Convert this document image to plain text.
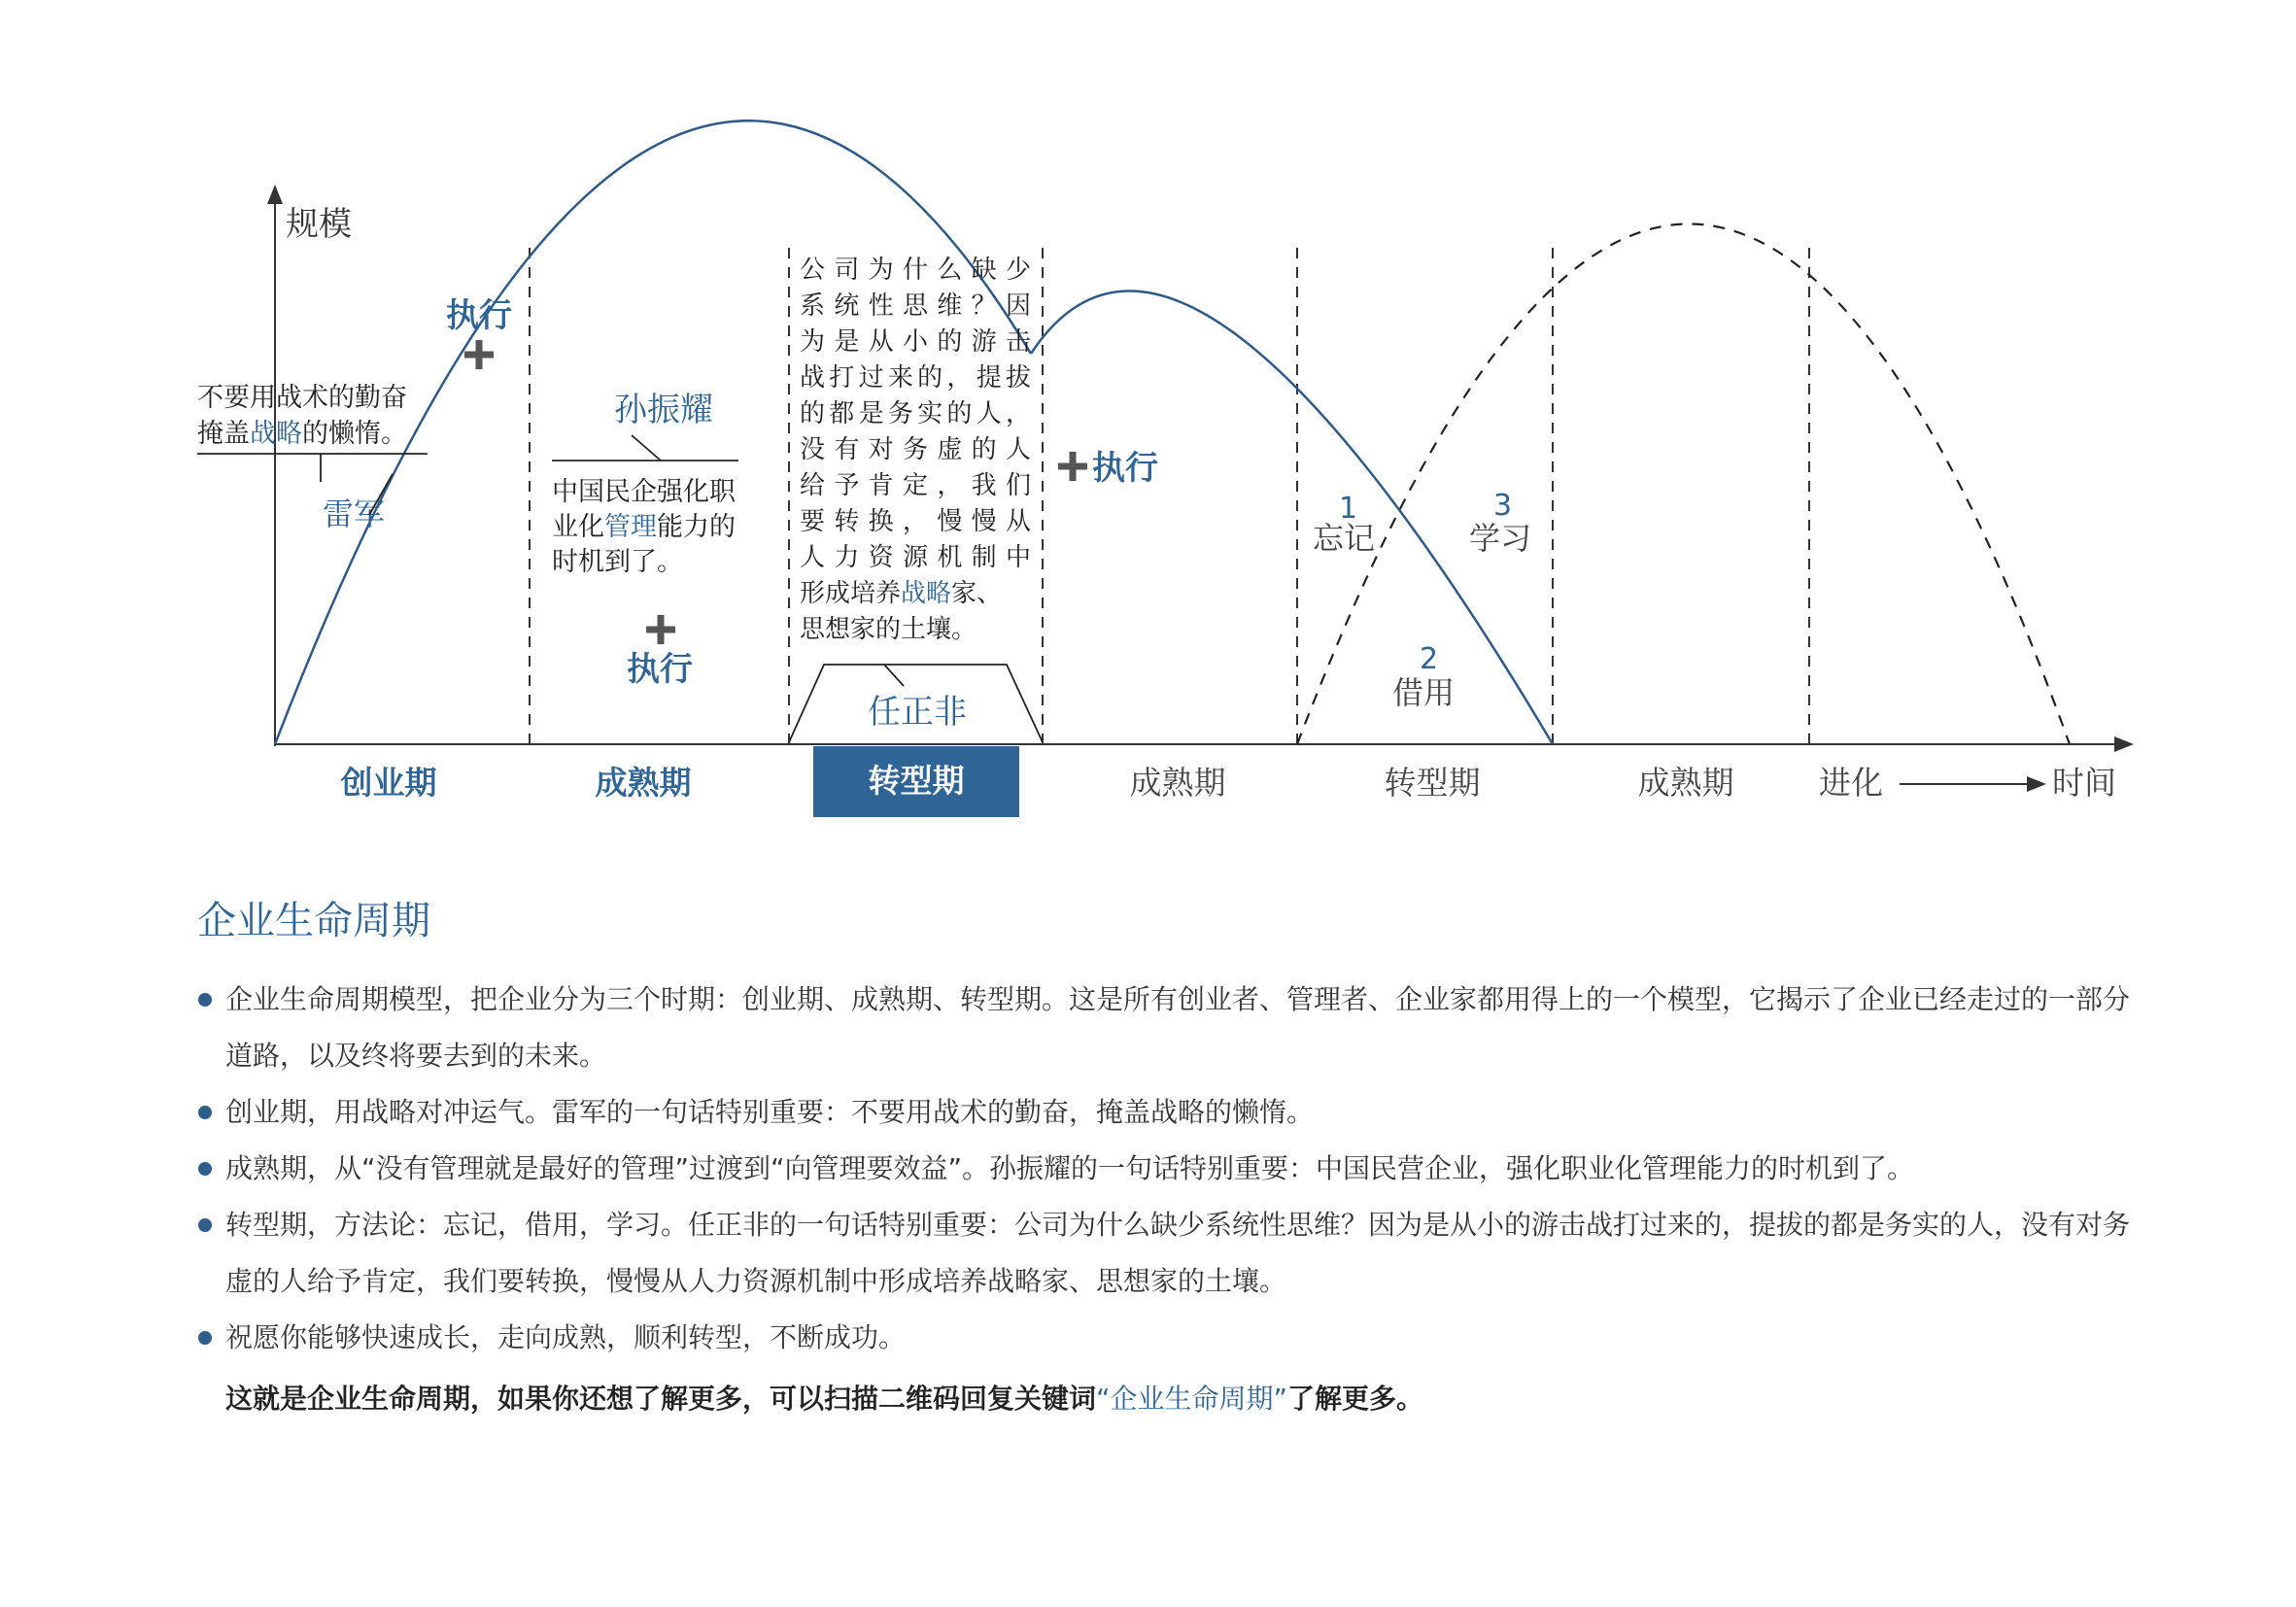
规模
不要用战术的勤奋
掩盖战略的懒惰。
雷军
执行
执行
执行
孙振耀
中国民企强化职
业化管理能力的
时机到了。
公司为什么缺少
系统性思维？因
为是从小的游击
战打过来的，提拔
的都是务实的人，
没有对务虚的人
给予肯定，我们
要转换，慢慢从
人力资源机制中
形成培养战略家、
思想家的土壤。
任正非
1
忘记
2
借用
3
学习
创业期	成熟期	转型期	成熟期	转型期	成熟期	进化	时间
企业生命周期
企业生命周期模型，把企业分为三个时期：创业期、成熟期、转型期。这是所有创业者、管理者、企业家都用得上的一个模型，它揭示了企业已经走过的一部分道路，以及终将要去到的未来。
创业期，用战略对冲运气。雷军的一句话特别重要：不要用战术的勤奋，掩盖战略的懒惰。
成熟期，从“没有管理就是最好的管理”过渡到“向管理要效益”。孙振耀的一句话特别重要：中国民营企业，强化职业化管理能力的时机到了。
转型期，方法论：忘记，借用，学习。任正非的一句话特别重要：公司为什么缺少系统性思维？因为是从小的游击战打过来的，提拔的都是务实的人，没有对务虚的人给予肯定，我们要转换，慢慢从人力资源机制中形成培养战略家、思想家的土壤。
祝愿你能够快速成长，走向成熟，顺利转型，不断成功。
这就是企业生命周期，如果你还想了解更多，可以扫描二维码回复关键词“企业生命周期”了解更多。
